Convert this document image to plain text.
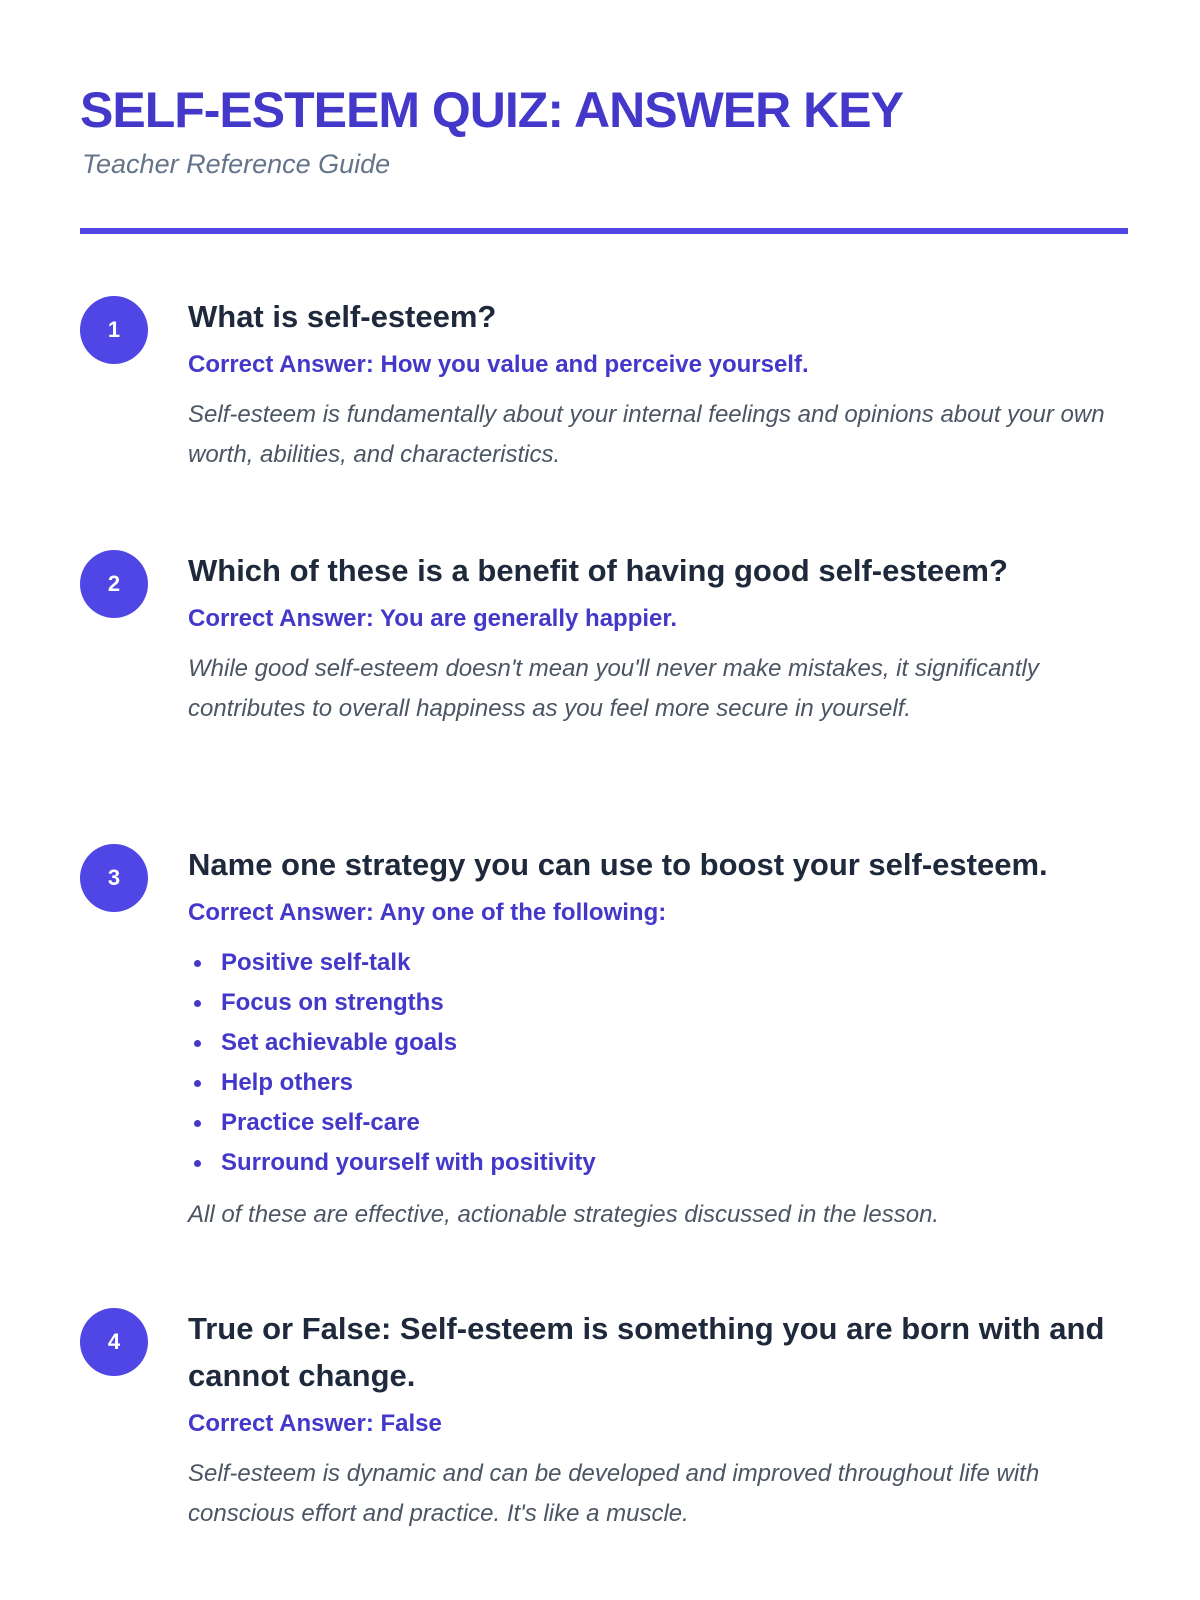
SELF-ESTEEM QUIZ: ANSWER KEY

Teacher Reference Guide

1	What is self-esteem?

Correct Answer: How you value and perceive yourself.

Self-esteem is fundamentally about your internal feelings and opinions about your own worth, abilities, and characteristics.

2	Which of these is a benefit of having good self-esteem?

Correct Answer: You are generally happier.

While good self-esteem doesn't mean you'll never make mistakes, it significantly contributes to overall happiness as you feel more secure in yourself.

3	Name one strategy you can use to boost your self-esteem.

Correct Answer: Any one of the following:

Positive self-talk
Focus on strengths
Set achievable goals
Help others
Practice self-care
Surround yourself with positivity

All of these are effective, actionable strategies discussed in the lesson.

4	True or False: Self-esteem is something you are born with and cannot change.

Correct Answer: False

Self-esteem is dynamic and can be developed and improved throughout life with conscious effort and practice. It's like a muscle.
